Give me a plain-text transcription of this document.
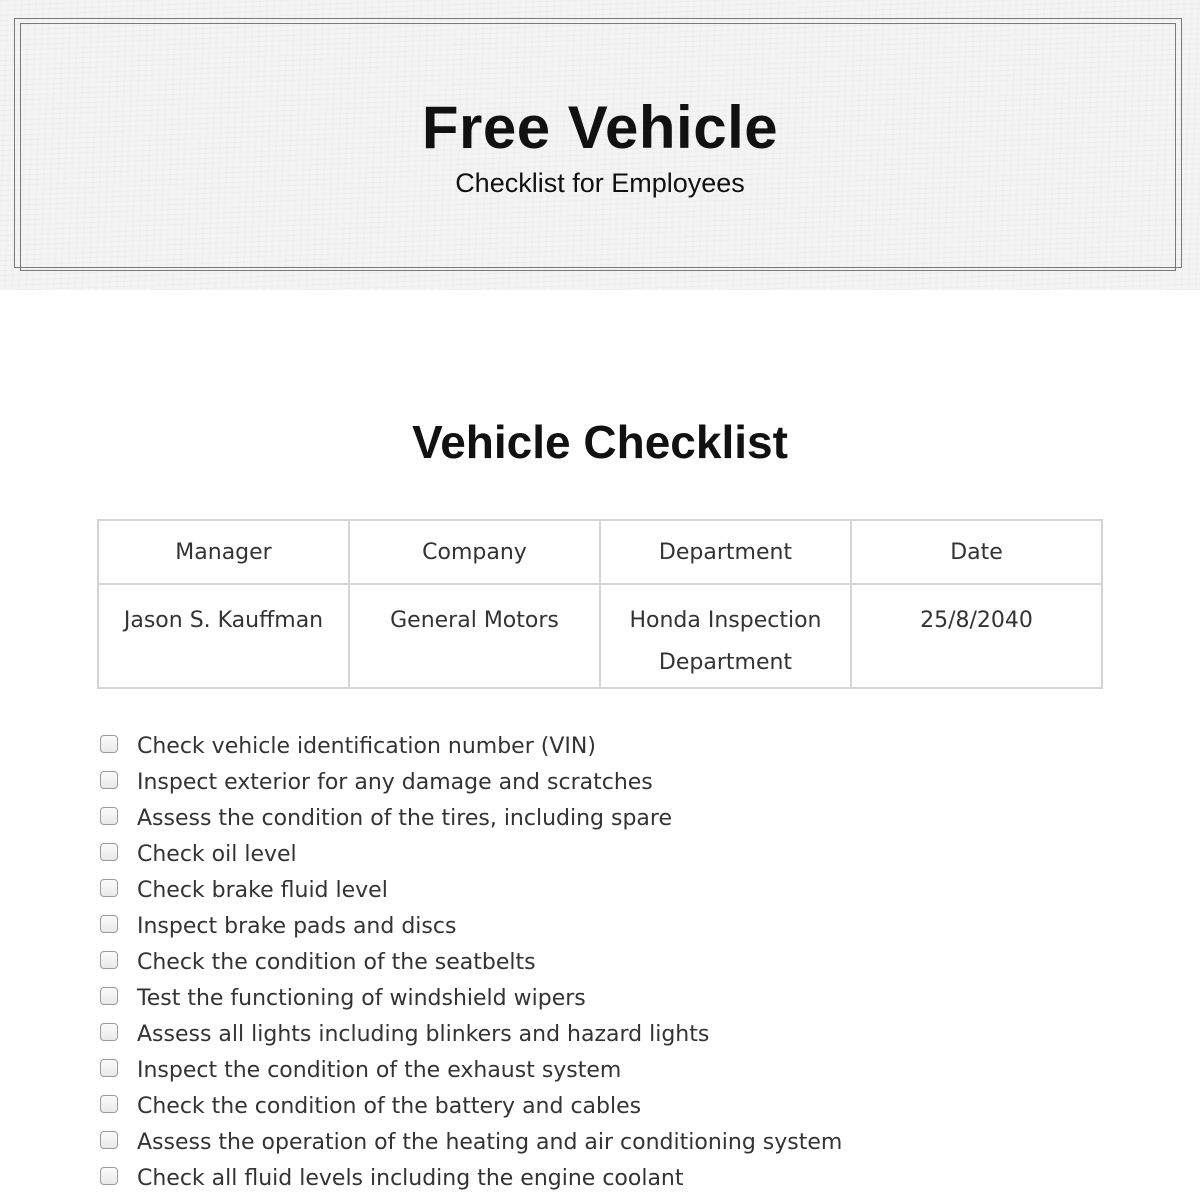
Free Vehicle
Checklist for Employees
Vehicle Checklist
Manager	Company	Department	Date
Jason S. Kauffman	General Motors	Honda Inspection Department	25/8/2040
Check vehicle identification number (VIN)
Inspect exterior for any damage and scratches
Assess the condition of the tires, including spare
Check oil level
Check brake fluid level
Inspect brake pads and discs
Check the condition of the seatbelts
Test the functioning of windshield wipers
Assess all lights including blinkers and hazard lights
Inspect the condition of the exhaust system
Check the condition of the battery and cables
Assess the operation of the heating and air conditioning system
Check all fluid levels including the engine coolant
